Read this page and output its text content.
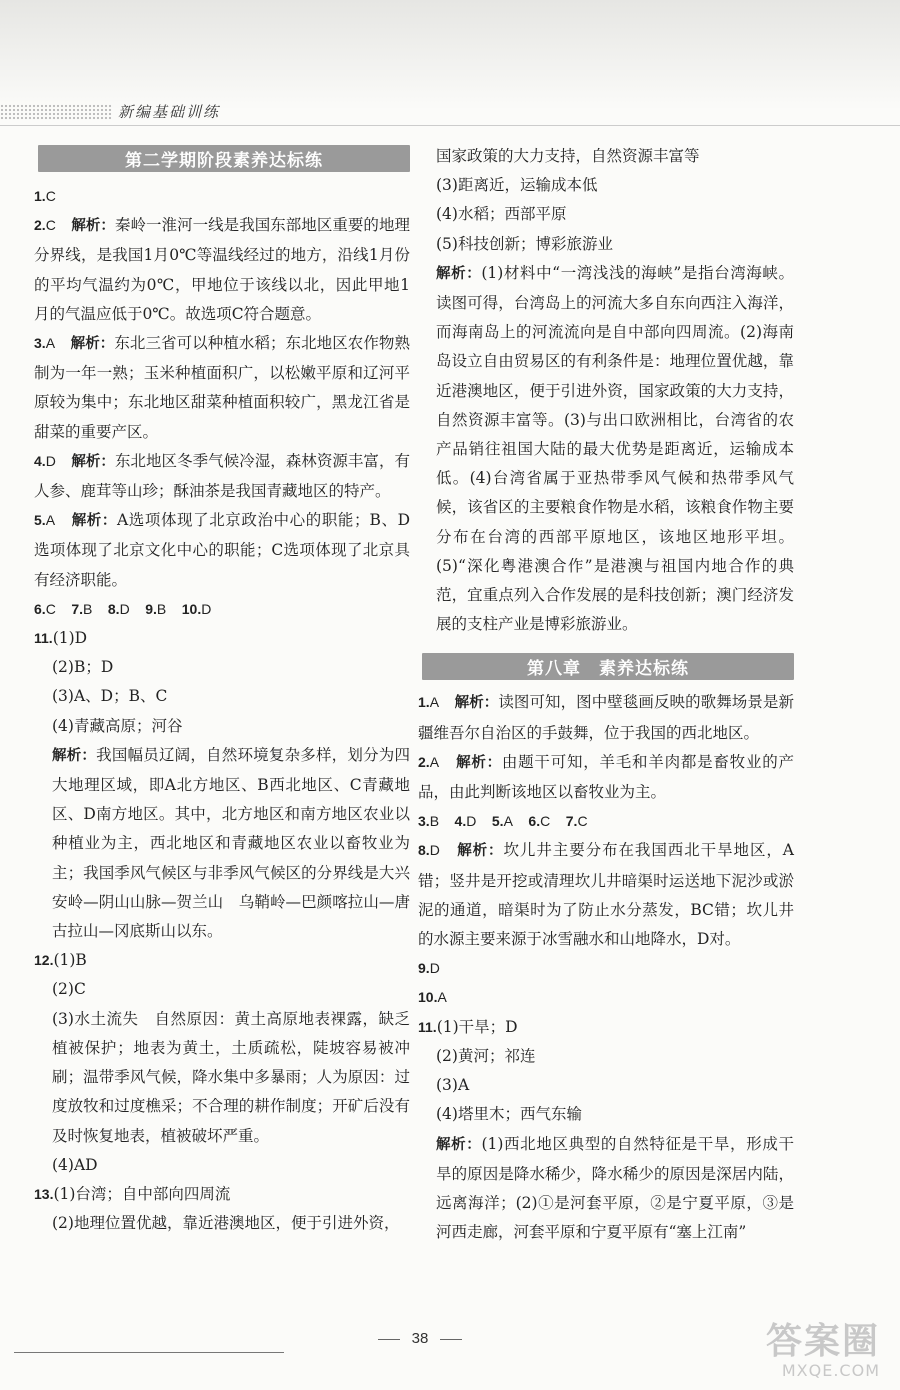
新编基础训练
第二学期阶段素养达标练
1.C
2.C　 解析：秦岭一淮河一线是我国东部地区重要的地理分界线，是我国1月0℃等温线经过的地方，沿线1月份的平均气温约为0℃，甲地位于该线以北，因此甲地1月的气温应低于0℃。故选项C符合题意。
3.A　 解析：东北三省可以种植水稻；东北地区农作物熟制为一年一熟；玉米种植面积广，以松嫩平原和辽河平原较为集中；东北地区甜菜种植面积较广，黑龙江省是甜菜的重要产区。
4.D　 解析：东北地区冬季气候冷湿，森林资源丰富，有人参、鹿茸等山珍；酥油茶是我国青藏地区的特产。
5.A　 解析：A选项体现了北京政治中心的职能；B、D选项体现了北京文化中心的职能；C选项体现了北京具有经济职能。
6.C　 7.B　 8.D　 9.B　 10.D
11.(1)D
(2)B；D
(3)A、D；B、C
(4)青藏高原；河谷
解析：我国幅员辽阔，自然环境复杂多样，划分为四大地理区域，即A北方地区、B西北地区、C青藏地区、D南方地区。其中，北方地区和南方地区农业以种植业为主，西北地区和青藏地区农业以畜牧业为主；我国季风气候区与非季风气候区的分界线是大兴安岭—阴山山脉—贺兰山　乌鞘岭—巴颜喀拉山—唐古拉山—冈底斯山以东。
12.(1)B
(2)C
(3)水土流失　自然原因：黄土高原地表裸露，缺乏植被保护；地表为黄土，土质疏松，陡坡容易被冲刷；温带季风气候，降水集中多暴雨；人为原因：过度放牧和过度樵采；不合理的耕作制度；开矿后没有及时恢复地表，植被破坏严重。
(4)AD
13.(1)台湾；自中部向四周流
(2)地理位置优越，靠近港澳地区，便于引进外资，
国家政策的大力支持，自然资源丰富等
(3)距离近，运输成本低
(4)水稻；西部平原
(5)科技创新；博彩旅游业
解析：(1)材料中“一湾浅浅的海峡”是指台湾海峡。读图可得，台湾岛上的河流大多自东向西注入海洋，而海南岛上的河流流向是自中部向四周流。(2)海南岛设立自由贸易区的有利条件是：地理位置优越，靠近港澳地区，便于引进外资，国家政策的大力支持，自然资源丰富等。(3)与出口欧洲相比，台湾省的农产品销往祖国大陆的最大优势是距离近，运输成本低。(4)台湾省属于亚热带季风气候和热带季风气候，该省区的主要粮食作物是水稻，该粮食作物主要分布在台湾的西部平原地区，该地区地形平坦。(5)“深化粤港澳合作”是港澳与祖国内地合作的典范，宜重点列入合作发展的是科技创新；澳门经济发展的支柱产业是博彩旅游业。
第八章　素养达标练
1.A　 解析：读图可知，图中壁毯画反映的歌舞场景是新疆维吾尔自治区的手鼓舞，位于我国的西北地区。
2.A　 解析：由题干可知，羊毛和羊肉都是畜牧业的产品，由此判断该地区以畜牧业为主。
3.B　 4.D　 5.A　 6.C　 7.C
8.D　 解析：坎儿井主要分布在我国西北干旱地区，A错；竖井是开挖或清理坎儿井暗渠时运送地下泥沙或淤泥的通道，暗渠时为了防止水分蒸发，BC错；坎儿井的水源主要来源于冰雪融水和山地降水，D对。
9.D
10.A
11.(1)干旱；D
(2)黄河；祁连
(3)A
(4)塔里木；西气东输
解析：(1)西北地区典型的自然特征是干旱，形成干旱的原因是降水稀少，降水稀少的原因是深居内陆，远离海洋；(2)①是河套平原，②是宁夏平原，③是河西走廊，河套平原和宁夏平原有“塞上江南”
38	答案圈
MXQE.COM
